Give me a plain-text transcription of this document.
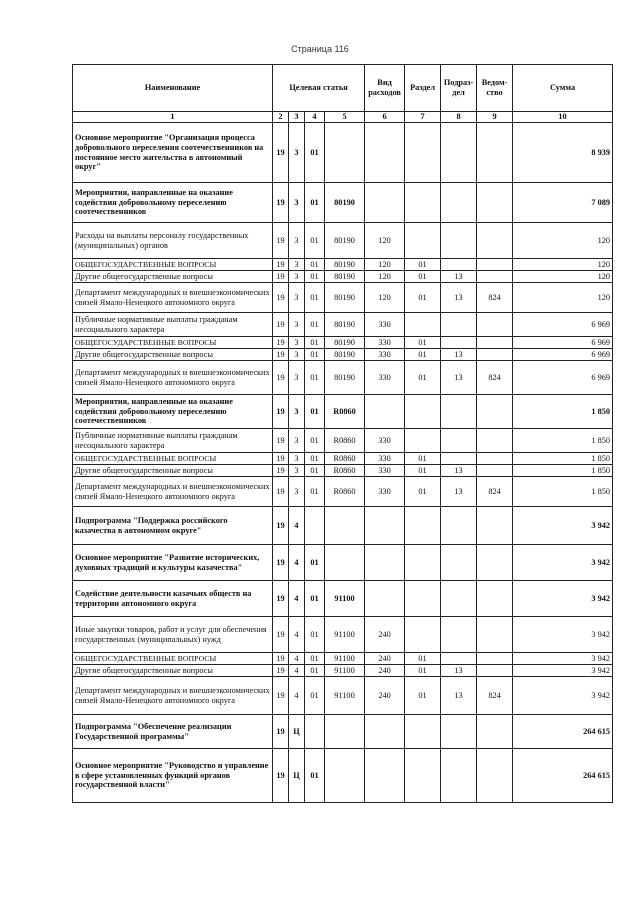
Страница 116
Наименование	Целевая статья				Вид расходов	Раздел	Подраз- дел	Ведом- ство	Сумма
1	2	3	4	5	6	7	8	9	10
Основное мероприятие "Организация процесса добровольного переселения соотечественников на постоянное место жительства в автономный округ"	19	3	01						8 939
Мероприятия, направленные на оказание содействия добровольному переселению соотечественников	19	3	01	80190					7 089
Расходы на выплаты персоналу государственных (муниципальных) органов	19	3	01	80190	120				120
ОБЩЕГОСУДАРСТВЕННЫЕ ВОПРОСЫ	19	3	01	80190	120	01			120
Другие общегосударственные вопросы	19	3	01	80190	120	01	13		120
Департамент международных и внешнеэкономических связей Ямало-Ненецкого автономного округа	19	3	01	80190	120	01	13	824	120
Публичные нормативные выплаты гражданам несоциального характера	19	3	01	80190	330				6 969
ОБЩЕГОСУДАРСТВЕННЫЕ ВОПРОСЫ	19	3	01	80190	330	01			6 969
Другие общегосударственные вопросы	19	3	01	80190	330	01	13		6 969
Департамент международных и внешнеэкономических связей Ямало-Ненецкого автономного округа	19	3	01	80190	330	01	13	824	6 969
Мероприятия, направленные на оказание содействия добровольному переселению соотечественников	19	3	01	R0860					1 850
Публичные нормативные выплаты гражданам несоциального характера	19	3	01	R0860	330				1 850
ОБЩЕГОСУДАРСТВЕННЫЕ ВОПРОСЫ	19	3	01	R0860	330	01			1 850
Другие общегосударственные вопросы	19	3	01	R0860	330	01	13		1 850
Департамент международных и внешнеэкономических связей Ямало-Ненецкого автономного округа	19	3	01	R0860	330	01	13	824	1 850
Подпрограмма "Поддержка российского казачества в автономном округе"	19	4							3 942
Основное мероприятие "Развитие исторических, духовных традиций и культуры казачества"	19	4	01						3 942
Содействие деятельности казачьих обществ на территории автономного округа	19	4	01	91100					3 942
Иные закупки товаров, работ и услуг для обеспечения государственных (муниципальных) нужд	19	4	01	91100	240				3 942
ОБЩЕГОСУДАРСТВЕННЫЕ ВОПРОСЫ	19	4	01	91100	240	01			3 942
Другие общегосударственные вопросы	19	4	01	91100	240	01	13		3 942
Департамент международных и внешнеэкономических связей Ямало-Ненецкого автономного округа	19	4	01	91100	240	01	13	824	3 942
Подпрограмма "Обеспечение реализации Государственной программы"	19	Ц							264 615
Основное мероприятие "Руководство и управление в сфере установленных функций органов государственной власти"	19	Ц	01						264 615
